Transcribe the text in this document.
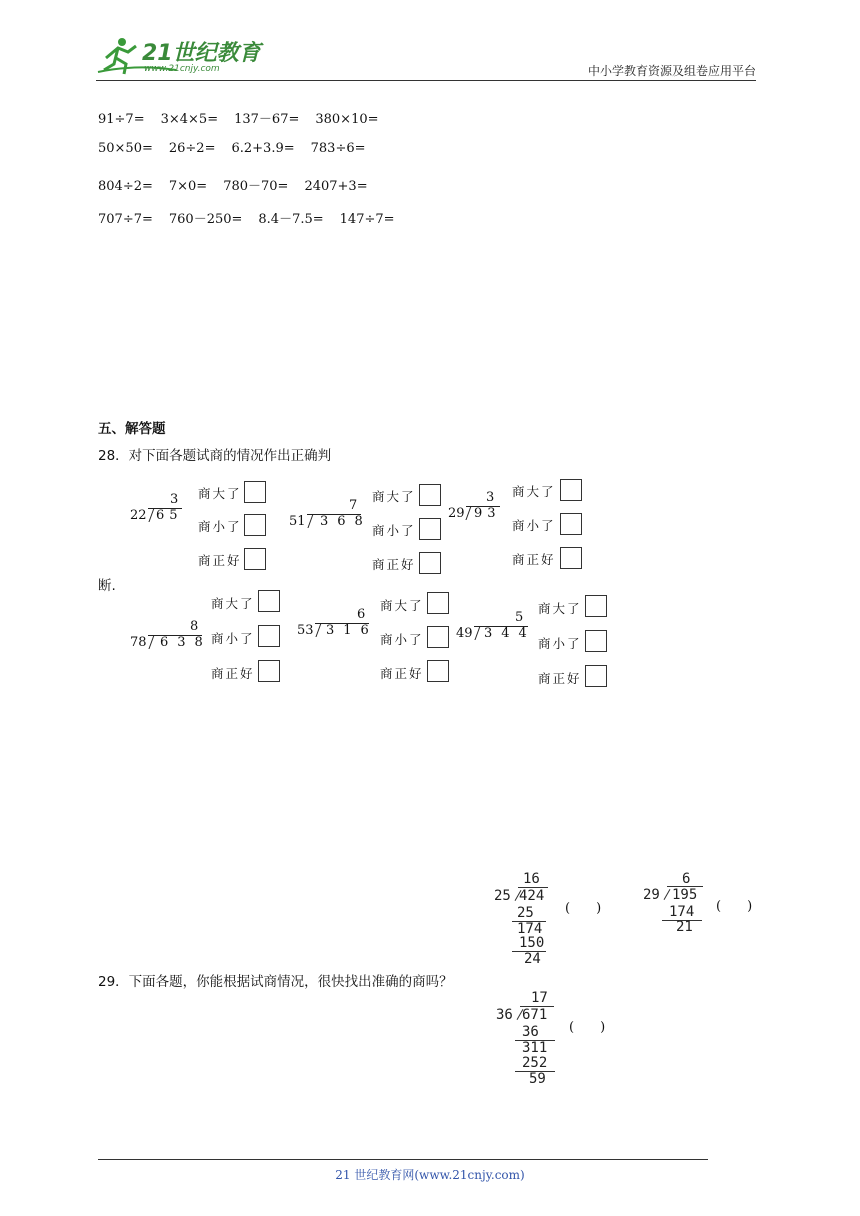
21世纪教育
www.21cnjy.com	中小学教育资源及组卷应用平台
91÷7= 3×4×5= 137－67= 380×10=
50×50= 26÷2= 6.2+3.9= 783÷6=
804÷2= 7×0= 780－70= 2407+3=
707÷7= 760－250= 8.4－7.5= 147÷7=
五、解答题
28．对下面各题试商的情况作出正确判
断.
3
22 65
7
51 368
3
29 93
8
78 638
6
53 316
5
49 344
商大了
商小了
商正好
商大了
商小了
商正好
商大了
商小了
商正好
商大了
商小了
商正好
商大了
商小了
商正好
商大了
商小了
商正好
29．下面各题，你能根据试商情况，很快找出准确的商吗？
16
25 424
25
174
150
24
(　　)
6
29 195
174
21
(　　)
17
36 671
36
311
252
59
(　　)
21 世纪教育网(www.21cnjy.com)
